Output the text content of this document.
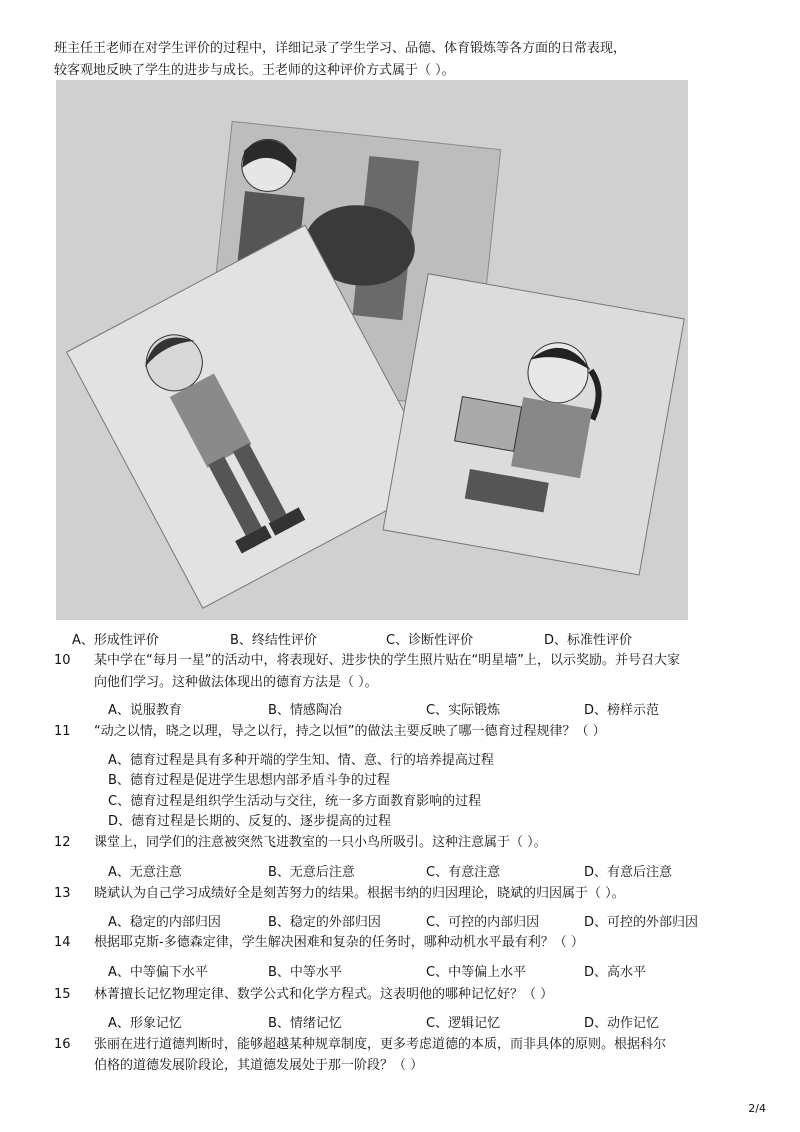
班主任王老师在对学生评价的过程中，详细记录了学生学习、品德、体育锻炼等各方面的日常表现，
较客观地反映了学生的进步与成长。王老师的这种评价方式属于（ ）。
A、形成性评价	B、终结性评价	C、诊断性评价	D、标准性评价
10 某中学在“每月一星”的活动中，将表现好、进步快的学生照片贴在“明星墙”上，以示奖励。并号召大家
向他们学习。这种做法体现出的德育方法是（ ）。
A、说服教育	B、情感陶冶	C、实际锻炼	D、榜样示范
11 “动之以情，晓之以理，导之以行，持之以恒”的做法主要反映了哪一德育过程规律？（ ）
A、德育过程是具有多种开端的学生知、情、意、行的培养提高过程
B、德育过程是促进学生思想内部矛盾斗争的过程
C、德育过程是组织学生活动与交往，统一多方面教育影响的过程
D、德育过程是长期的、反复的、逐步提高的过程
12 课堂上，同学们的注意被突然飞进教室的一只小鸟所吸引。这种注意属于（ ）。
A、无意注意	B、无意后注意	C、有意注意	D、有意后注意
13 晓斌认为自己学习成绩好全是刻苦努力的结果。根据韦纳的归因理论，晓斌的归因属于（ ）。
A、稳定的内部归因	B、稳定的外部归因	C、可控的内部归因	D、可控的外部归因
14 根据耶克斯-多德森定律，学生解决困难和复杂的任务时，哪种动机水平最有利？（ ）
A、中等偏下水平	B、中等水平	C、中等偏上水平	D、高水平
15 林菁擅长记忆物理定律、数学公式和化学方程式。这表明他的哪种记忆好？（ ）
A、形象记忆	B、情绪记忆	C、逻辑记忆	D、动作记忆
16 张丽在进行道德判断时，能够超越某种规章制度，更多考虑道德的本质，而非具体的原则。根据科尔
伯格的道德发展阶段论，其道德发展处于那一阶段？（ ）
2/4
